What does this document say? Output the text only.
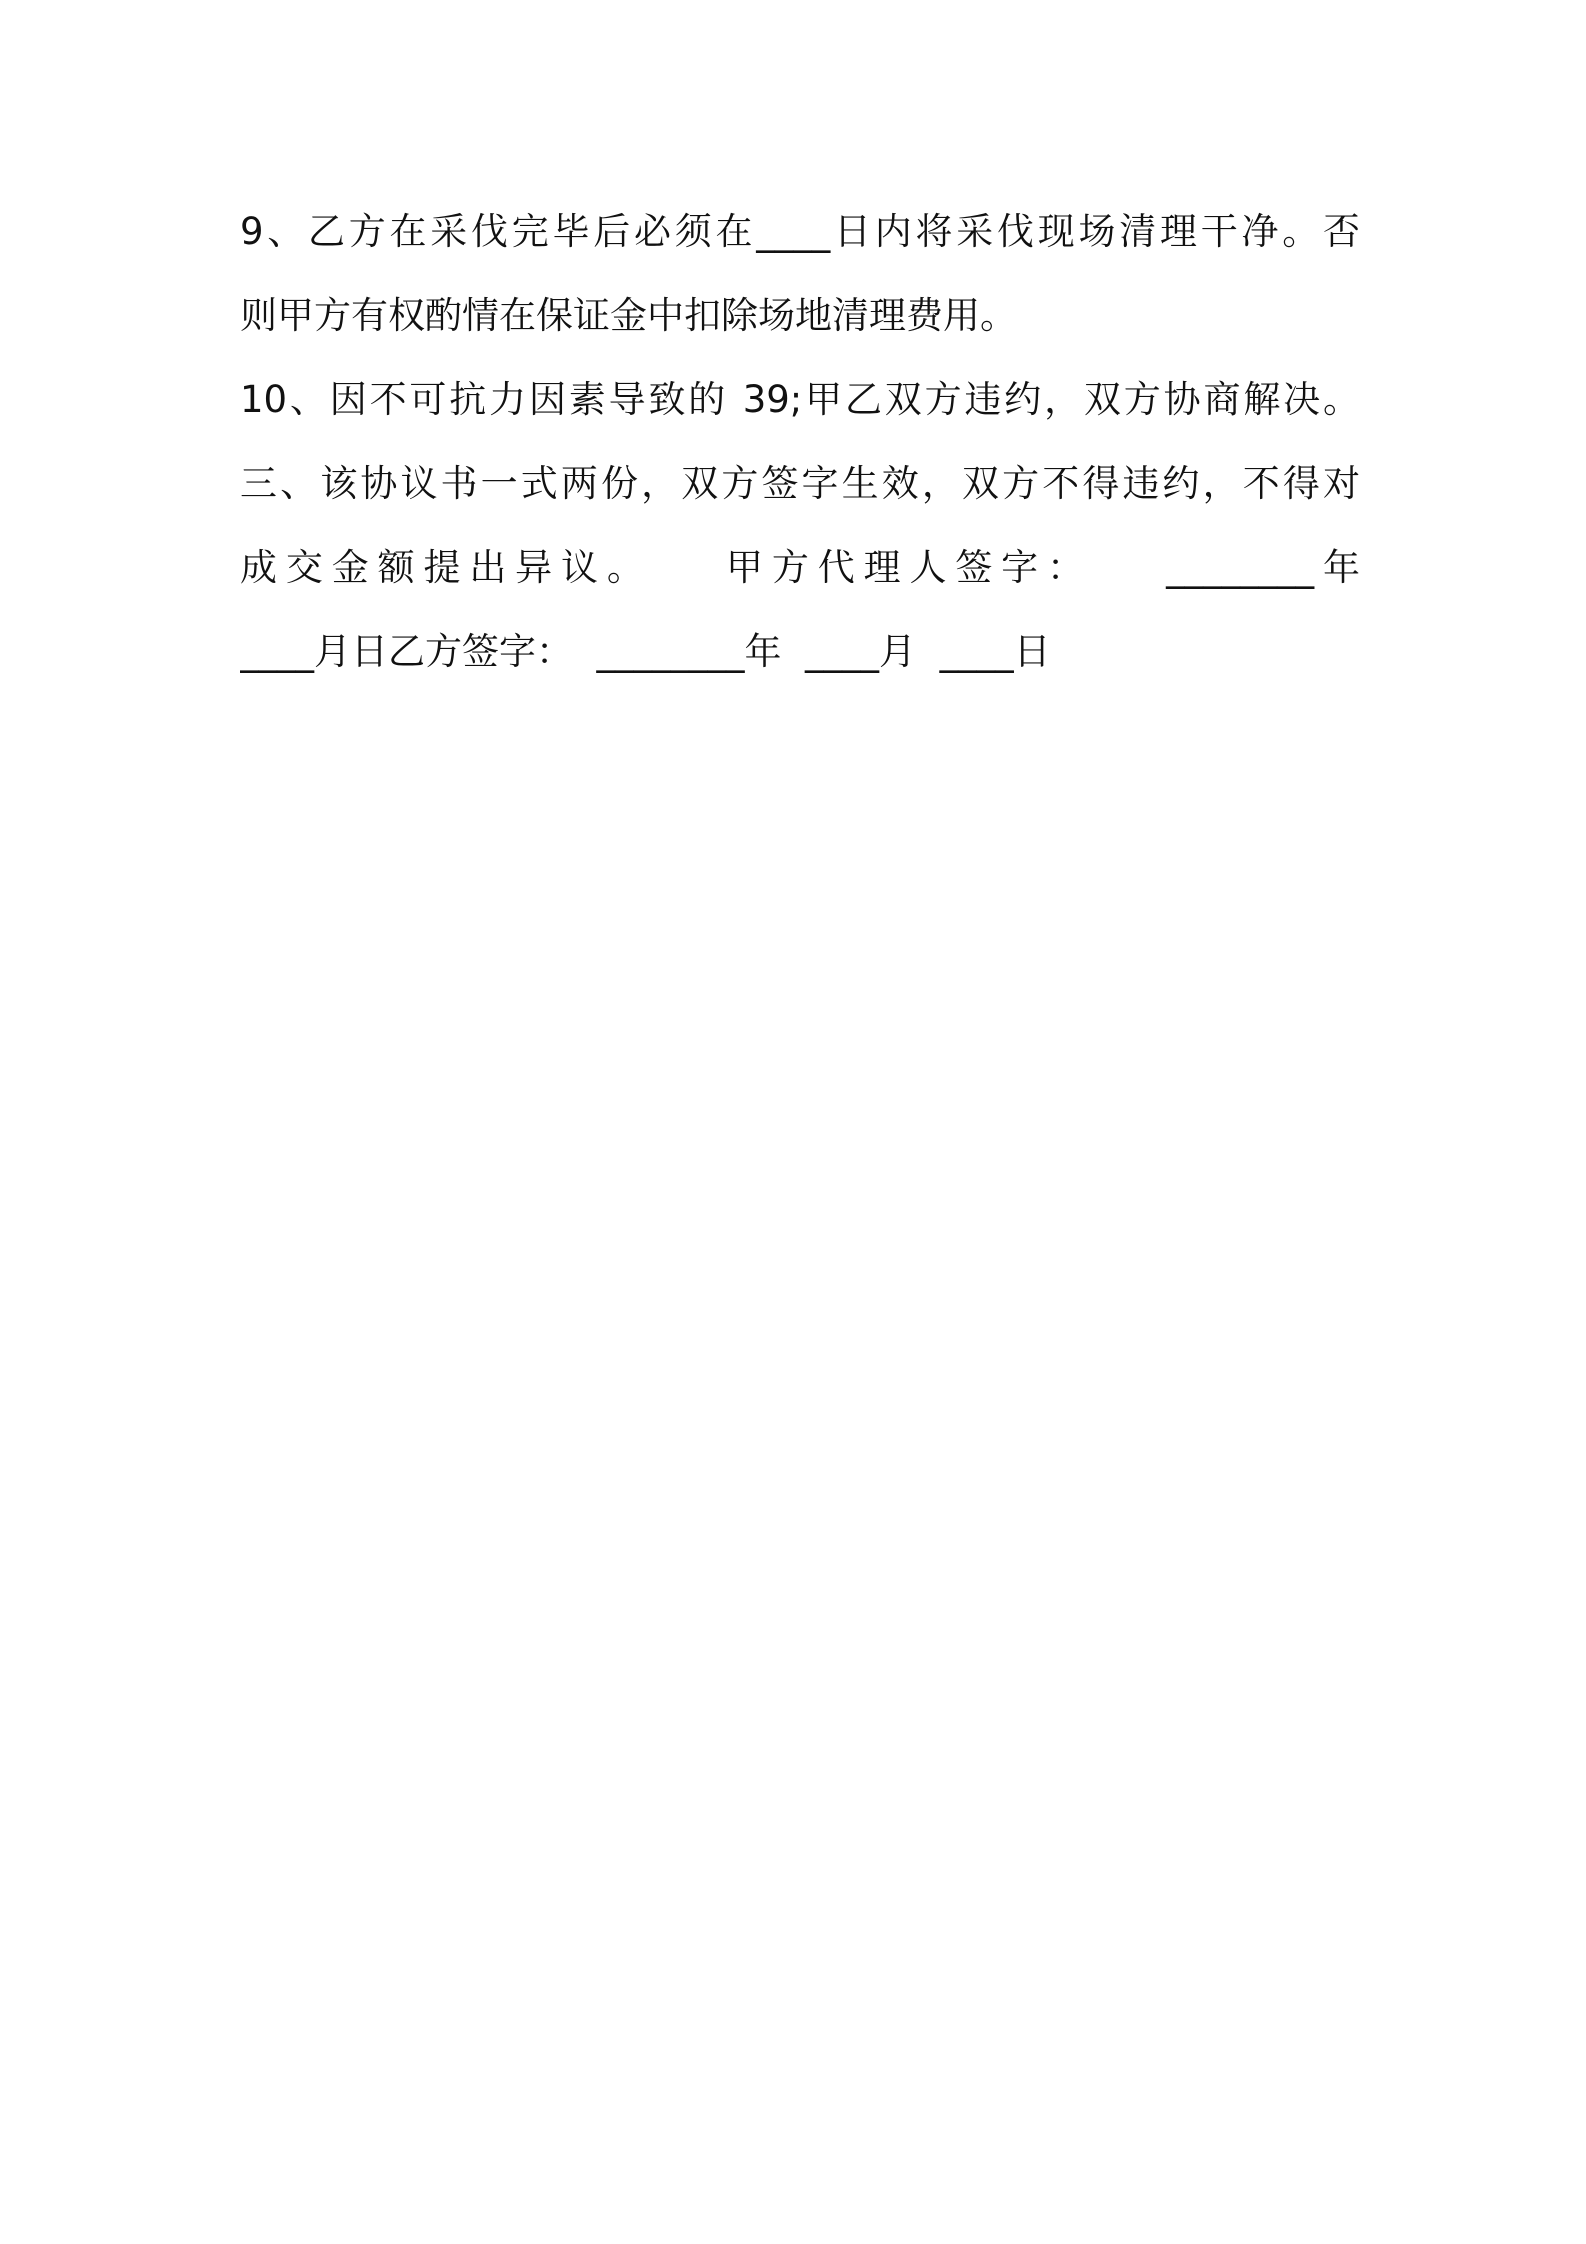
9、乙方在采伐完毕后必须在____日内将采伐现场清理干净。否
则甲方有权酌情在保证金中扣除场地清理费用。
10、因不可抗力因素导致的 39;甲乙双方违约，双方协商解决。
三、该协议书一式两份，双方签字生效，双方不得违约，不得对
成交金额提出异议。　　甲方代理人签字：　　________年
____月日乙方签字：  ________年  ____月  ____日
